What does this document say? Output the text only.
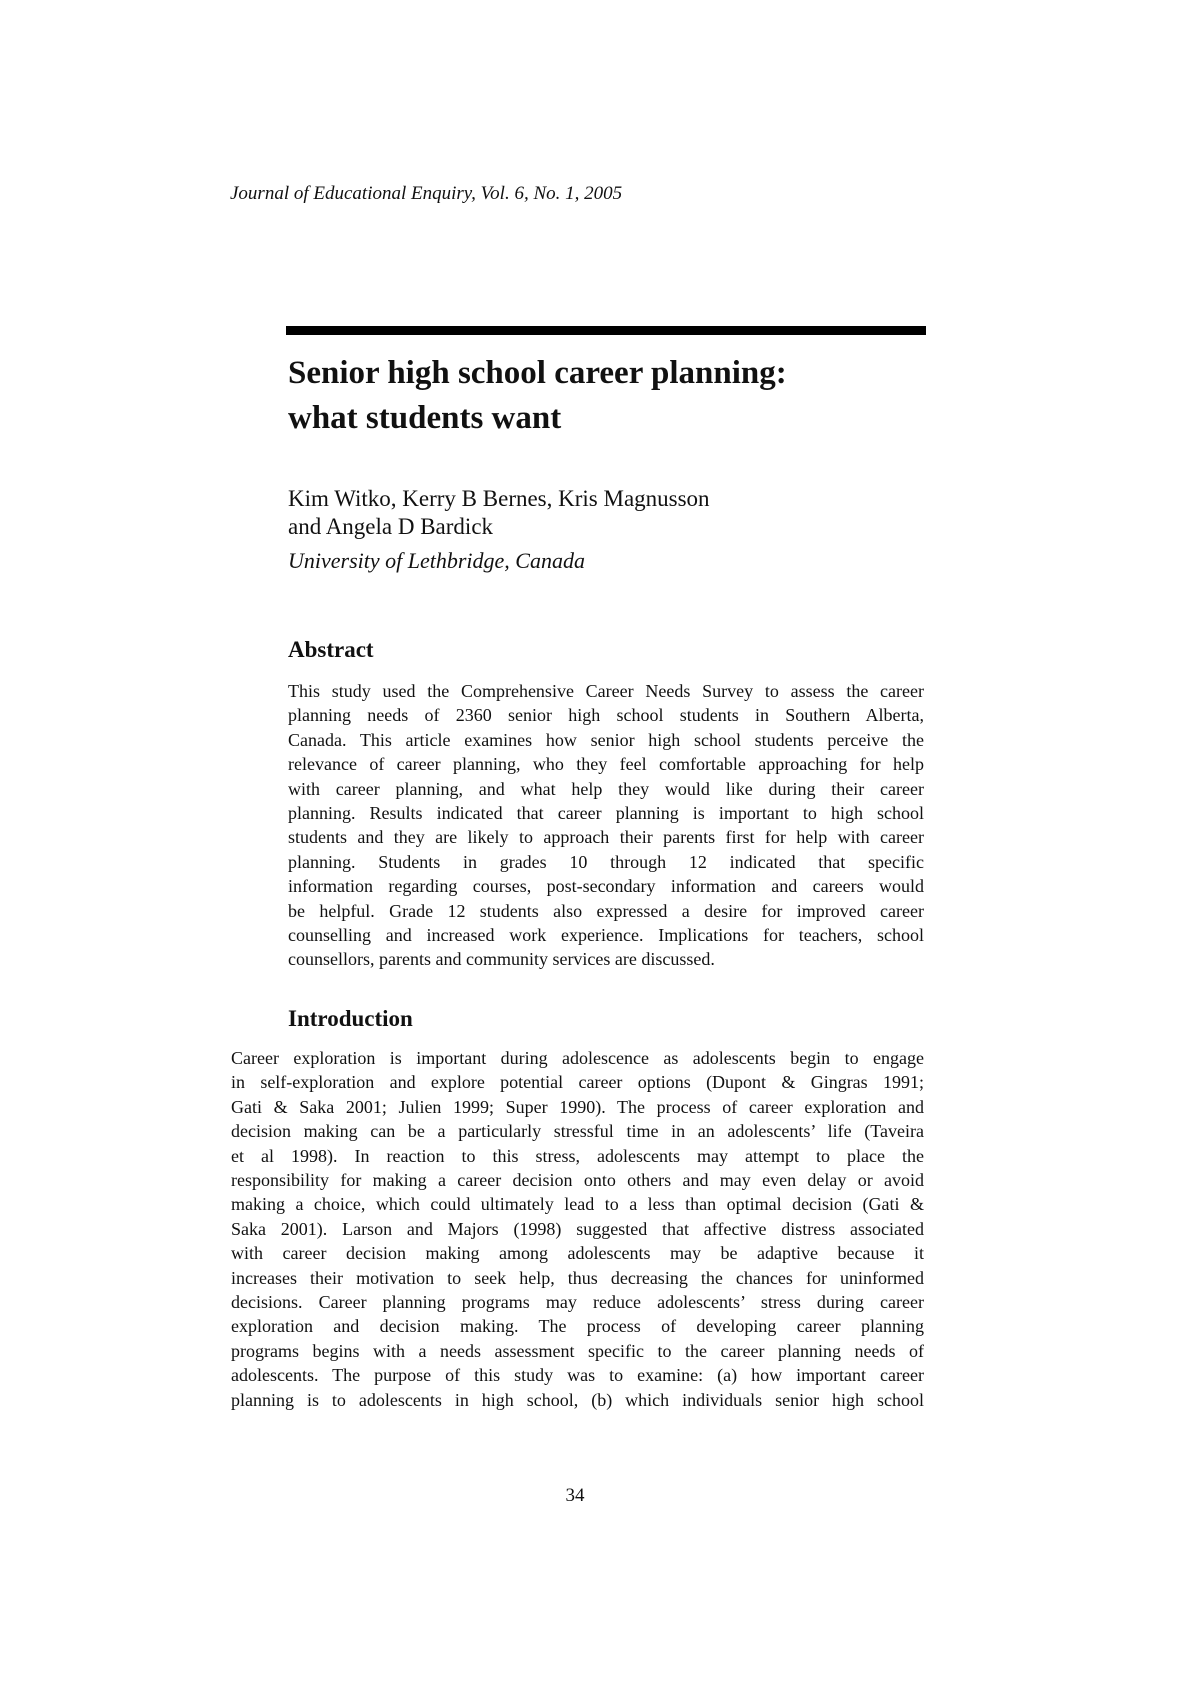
Journal of Educational Enquiry, Vol. 6, No. 1, 2005
Senior high school career planning:
what students want
Kim Witko, Kerry B Bernes, Kris Magnusson
and Angela D Bardick
University of Lethbridge, Canada
Abstract
This study used the Comprehensive Career Needs Survey to assess the career
planning needs of 2360 senior high school students in Southern Alberta,
Canada. This article examines how senior high school students perceive the
relevance of career planning, who they feel comfortable approaching for help
with career planning, and what help they would like during their career
planning. Results indicated that career planning is important to high school
students and they are likely to approach their parents first for help with career
planning. Students in grades 10 through 12 indicated that specific
information regarding courses, post-secondary information and careers would
be helpful. Grade 12 students also expressed a desire for improved career
counselling and increased work experience. Implications for teachers, school
counsellors, parents and community services are discussed.
Introduction
Career exploration is important during adolescence as adolescents begin to engage
in self-exploration and explore potential career options (Dupont & Gingras 1991;
Gati & Saka 2001; Julien 1999; Super 1990). The process of career exploration and
decision making can be a particularly stressful time in an adolescents’ life (Taveira
et al 1998). In reaction to this stress, adolescents may attempt to place the
responsibility for making a career decision onto others and may even delay or avoid
making a choice, which could ultimately lead to a less than optimal decision (Gati &
Saka 2001). Larson and Majors (1998) suggested that affective distress associated
with career decision making among adolescents may be adaptive because it
increases their motivation to seek help, thus decreasing the chances for uninformed
decisions. Career planning programs may reduce adolescents’ stress during career
exploration and decision making. The process of developing career planning
programs begins with a needs assessment specific to the career planning needs of
adolescents. The purpose of this study was to examine: (a) how important career
planning is to adolescents in high school, (b) which individuals senior high school
34
